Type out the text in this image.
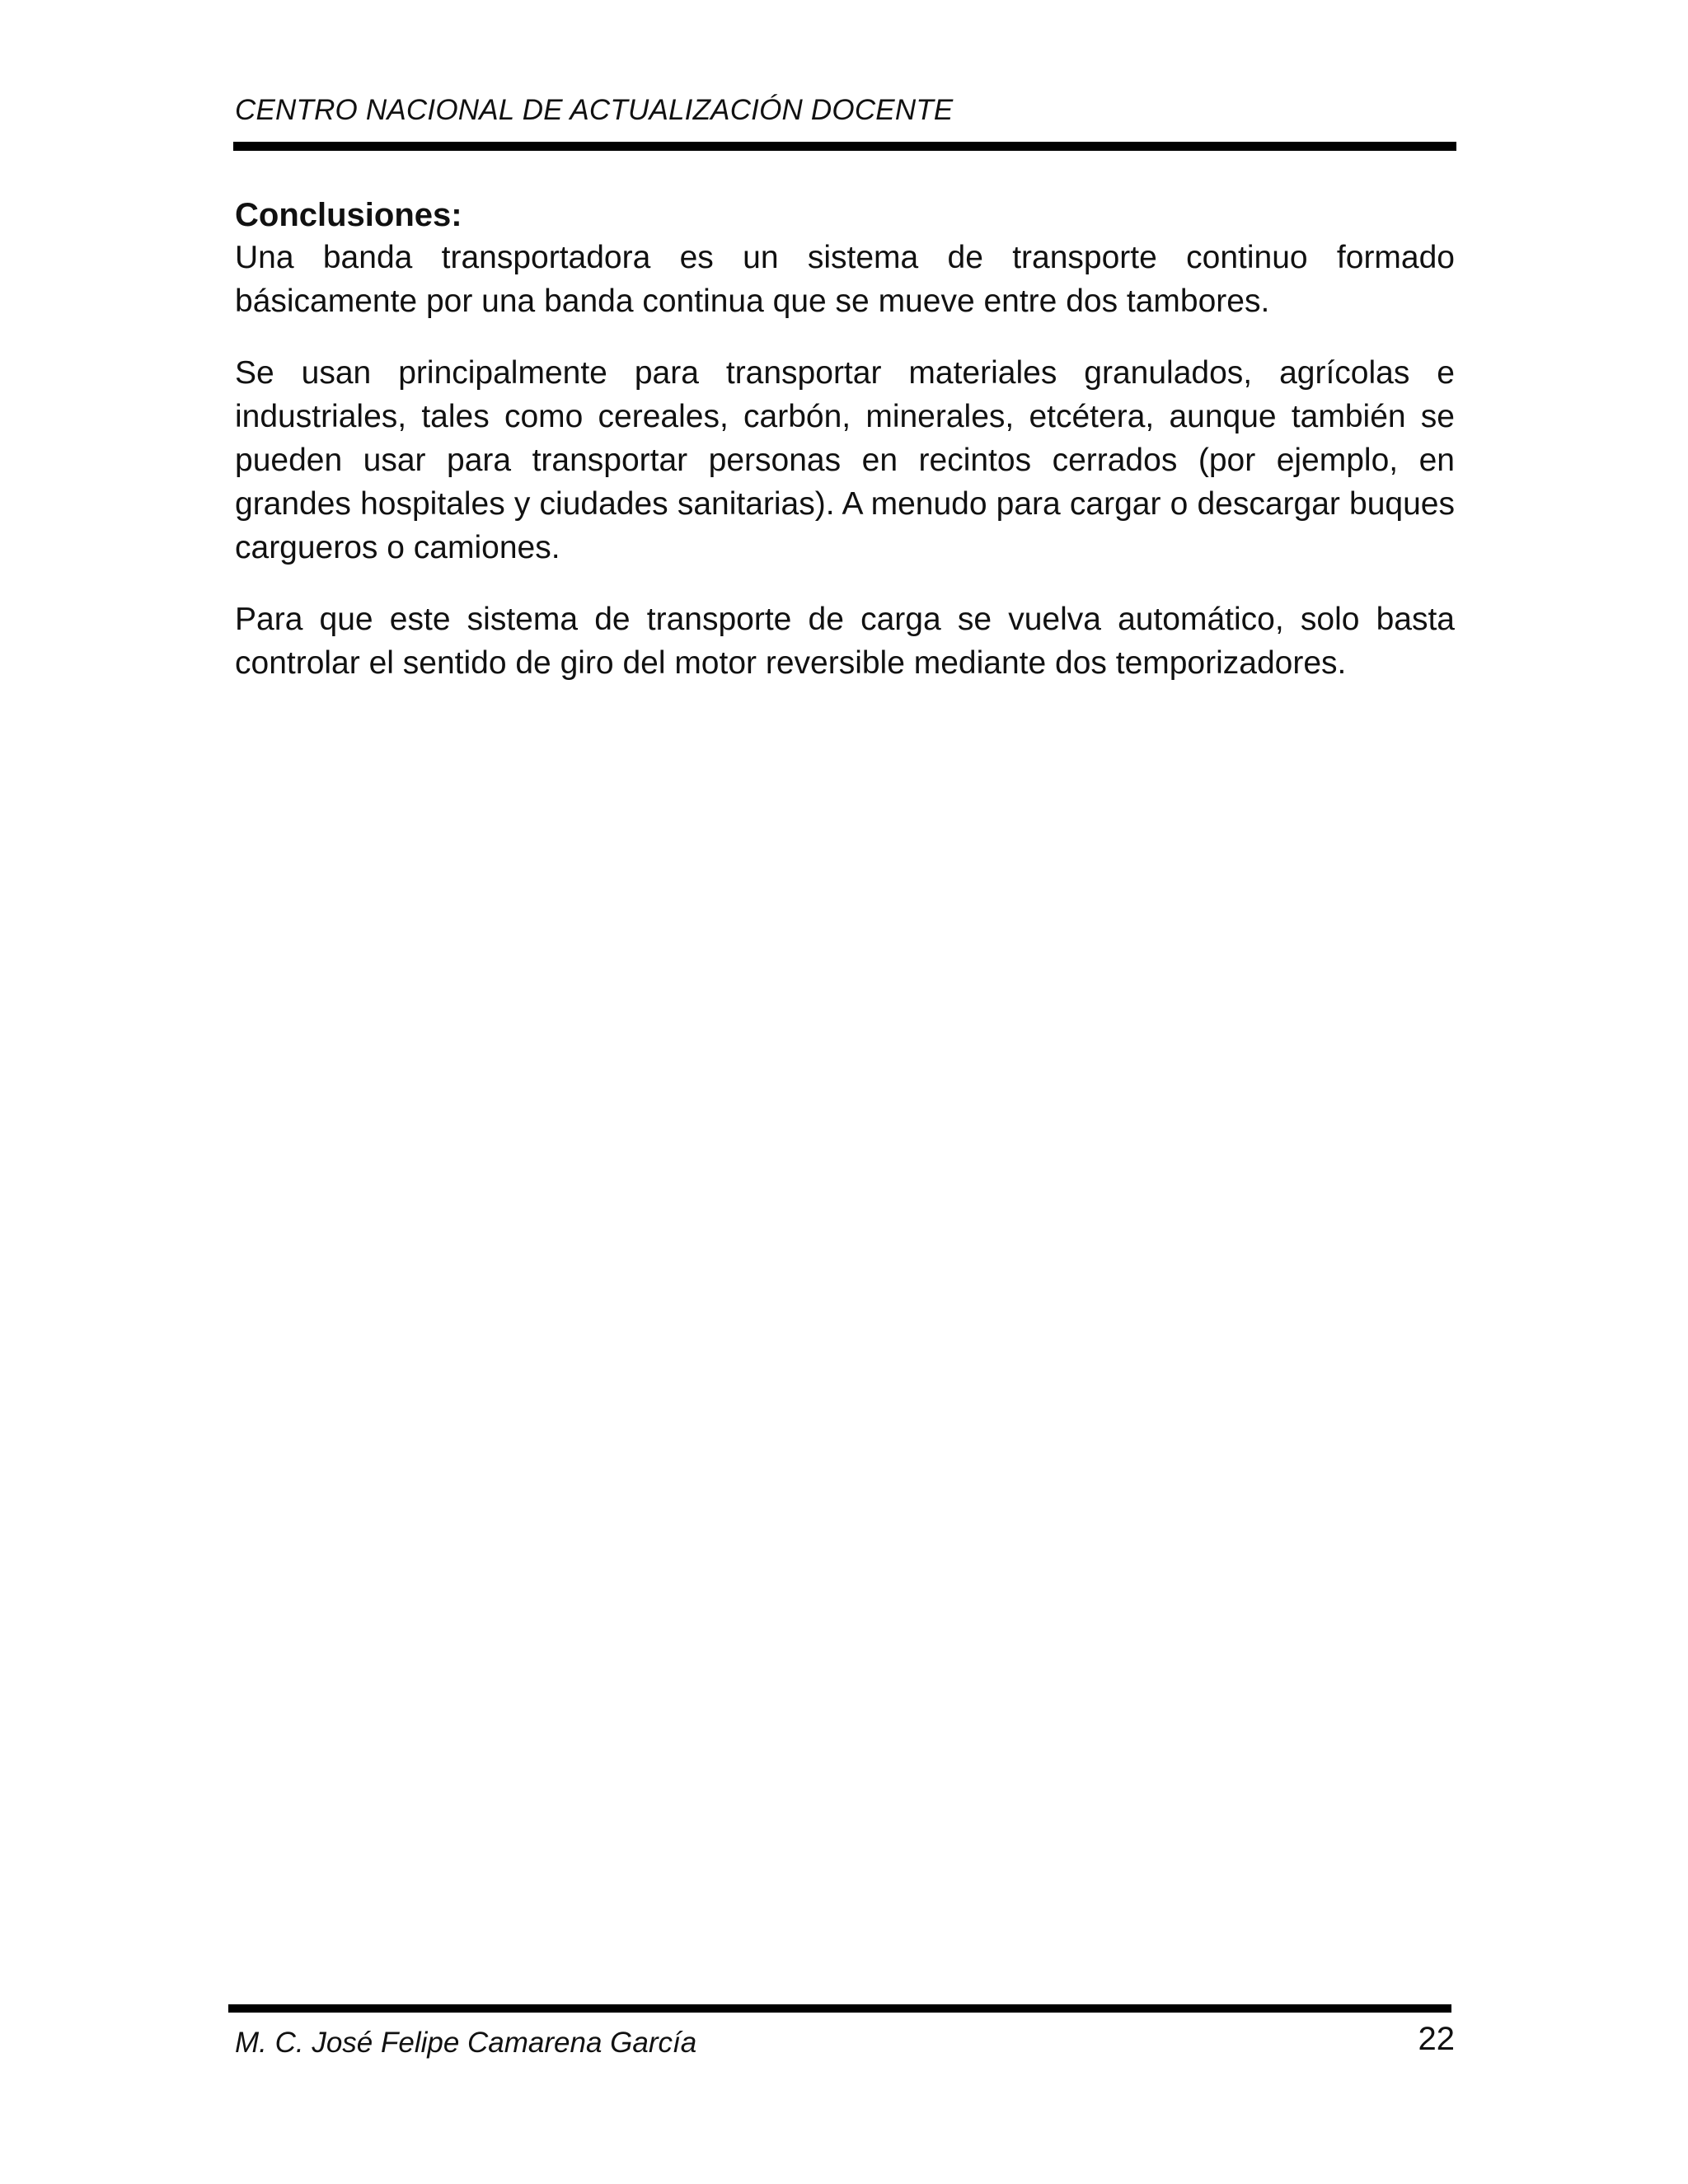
CENTRO NACIONAL DE ACTUALIZACIÓN DOCENTE
Conclusiones:

Una banda transportadora es un sistema de transporte continuo formado básicamente por una banda continua que se mueve entre dos tambores.

Se usan principalmente para transportar materiales granulados, agrícolas e industriales, tales como cereales, carbón, minerales, etcétera, aunque también se pueden usar para transportar personas en recintos cerrados (por ejemplo, en grandes hospitales y ciudades sanitarias). A menudo para cargar o descargar buques cargueros o camiones.

Para que este sistema de transporte de carga se vuelva automático, solo basta controlar el sentido de giro del motor reversible mediante dos temporizadores.

M. C. José Felipe Camarena García	22
